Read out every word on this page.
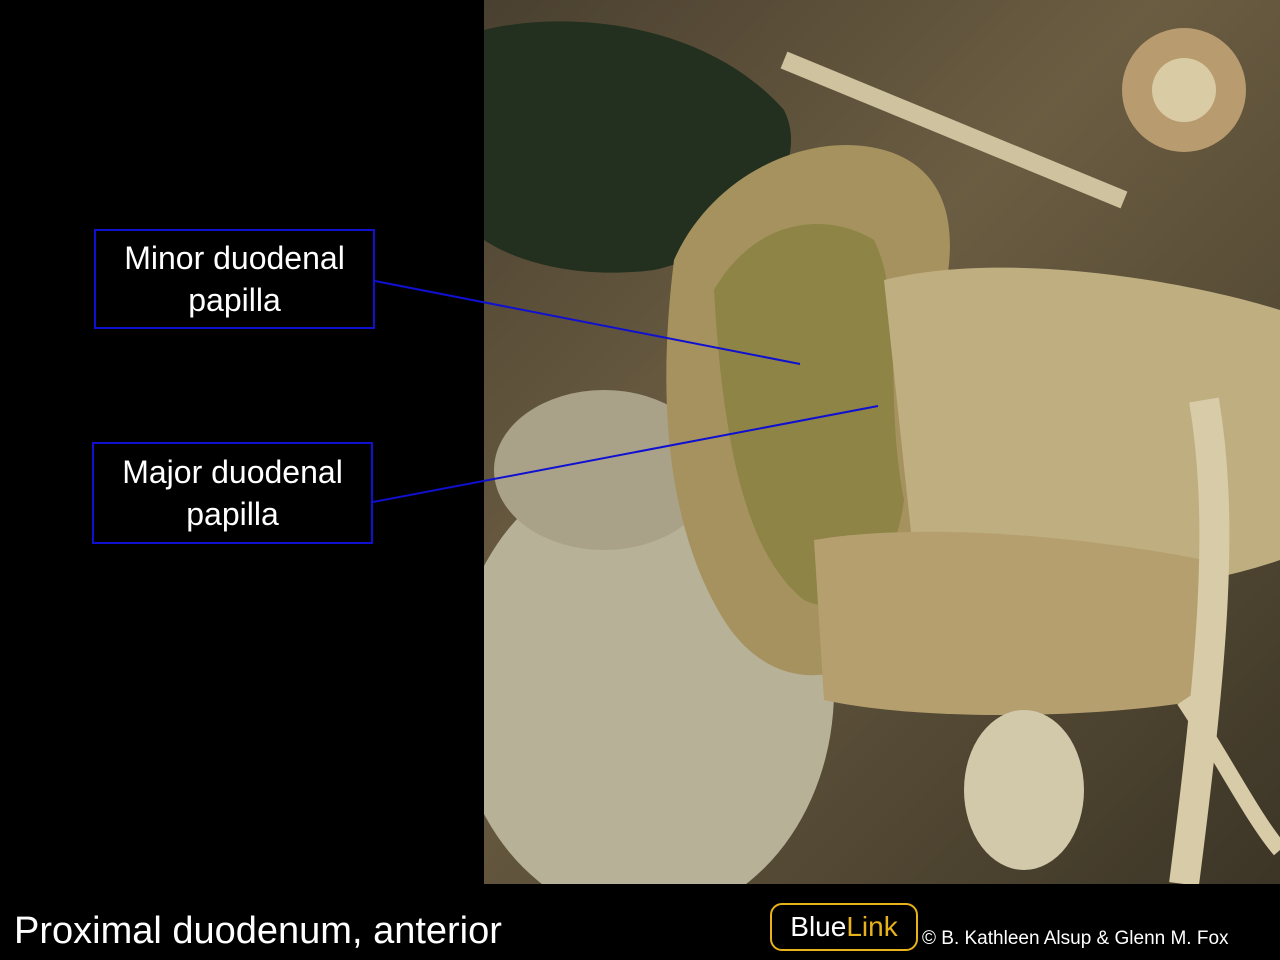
Minor duodenal
papilla
Major duodenal
papilla
Proximal duodenum, anterior	Blue Link © B. Kathleen Alsup & Glenn M. Fox
